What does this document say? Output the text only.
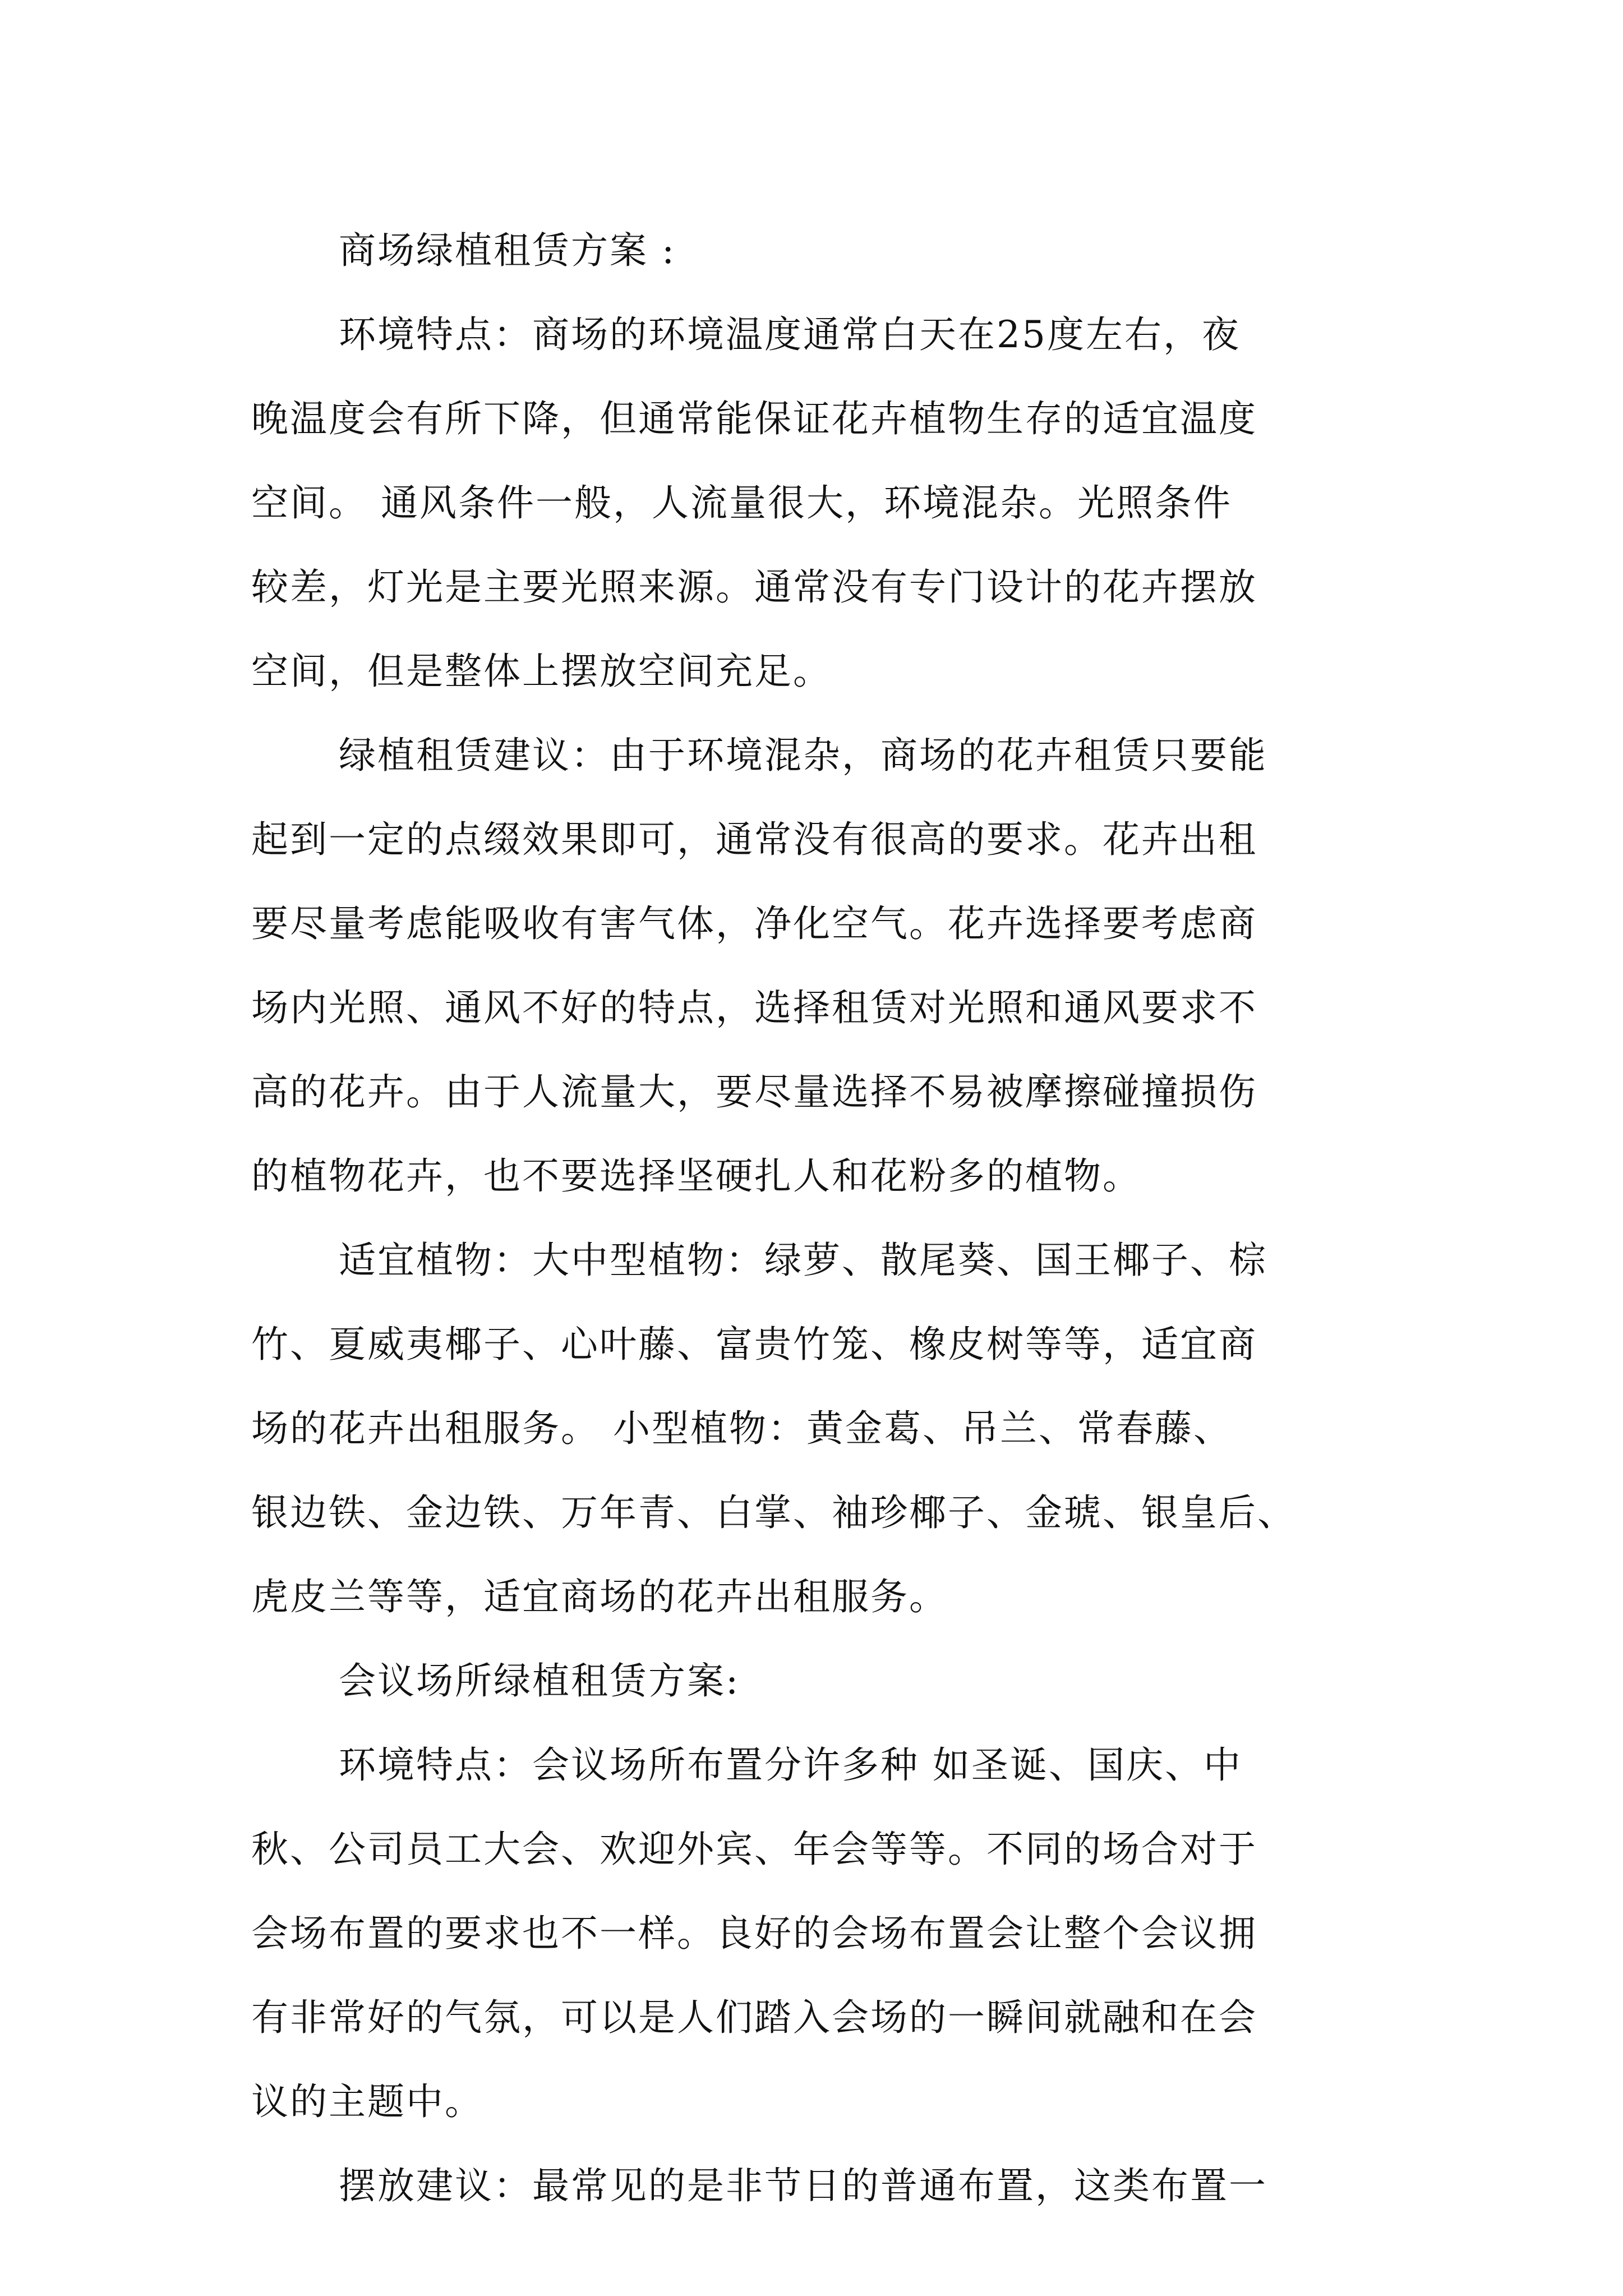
商场绿植租赁方案 :
环境特点：商场的环境温度通常白天在25度左右，夜
晚温度会有所下降，但通常能保证花卉植物生存的适宜温度
空间。 通风条件一般，人流量很大，环境混杂。光照条件
较差，灯光是主要光照来源。通常没有专门设计的花卉摆放
空间，但是整体上摆放空间充足。
绿植租赁建议：由于环境混杂，商场的花卉租赁只要能
起到一定的点缀效果即可，通常没有很高的要求。花卉出租
要尽量考虑能吸收有害气体，净化空气。花卉选择要考虑商
场内光照、通风不好的特点，选择租赁对光照和通风要求不
高的花卉。由于人流量大，要尽量选择不易被摩擦碰撞损伤
的植物花卉，也不要选择坚硬扎人和花粉多的植物。
适宜植物：大中型植物：绿萝、散尾葵、国王椰子、棕
竹、夏威夷椰子、心叶藤、富贵竹笼、橡皮树等等，适宜商
场的花卉出租服务。 小型植物：黄金葛、吊兰、常春藤、
银边铁、金边铁、万年青、白掌、袖珍椰子、金琥、银皇后、
虎皮兰等等，适宜商场的花卉出租服务。
会议场所绿植租赁方案:
环境特点：会议场所布置分许多种 如圣诞、国庆、中
秋、公司员工大会、欢迎外宾、年会等等。不同的场合对于
会场布置的要求也不一样。良好的会场布置会让整个会议拥
有非常好的气氛，可以是人们踏入会场的一瞬间就融和在会
议的主题中。
摆放建议：最常见的是非节日的普通布置，这类布置一
